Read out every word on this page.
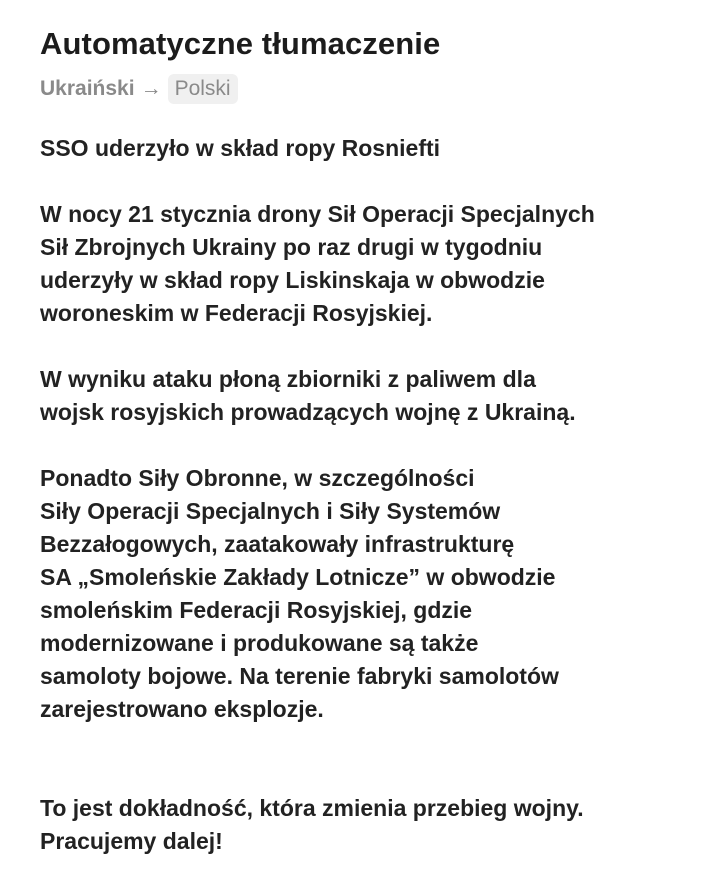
Automatyczne tłumaczenie
Ukraiński → Polski
SSO uderzyło w skład ropy Rosniefti
W nocy 21 stycznia drony Sił Operacji Specjalnych
Sił Zbrojnych Ukrainy po raz drugi w tygodniu
uderzyły w skład ropy Liskinskaja w obwodzie
woroneskim w Federacji Rosyjskiej.
W wyniku ataku płoną zbiorniki z paliwem dla
wojsk rosyjskich prowadzących wojnę z Ukrainą.
Ponadto Siły Obronne, w szczególności
Siły Operacji Specjalnych i Siły Systemów
Bezzałogowych, zaatakowały infrastrukturę
SA „Smoleńskie Zakłady Lotnicze” w obwodzie
smoleńskim Federacji Rosyjskiej, gdzie
modernizowane i produkowane są także
samoloty bojowe. Na terenie fabryki samolotów
zarejestrowano eksplozje.
To jest dokładność, która zmienia przebieg wojny.
Pracujemy dalej!
